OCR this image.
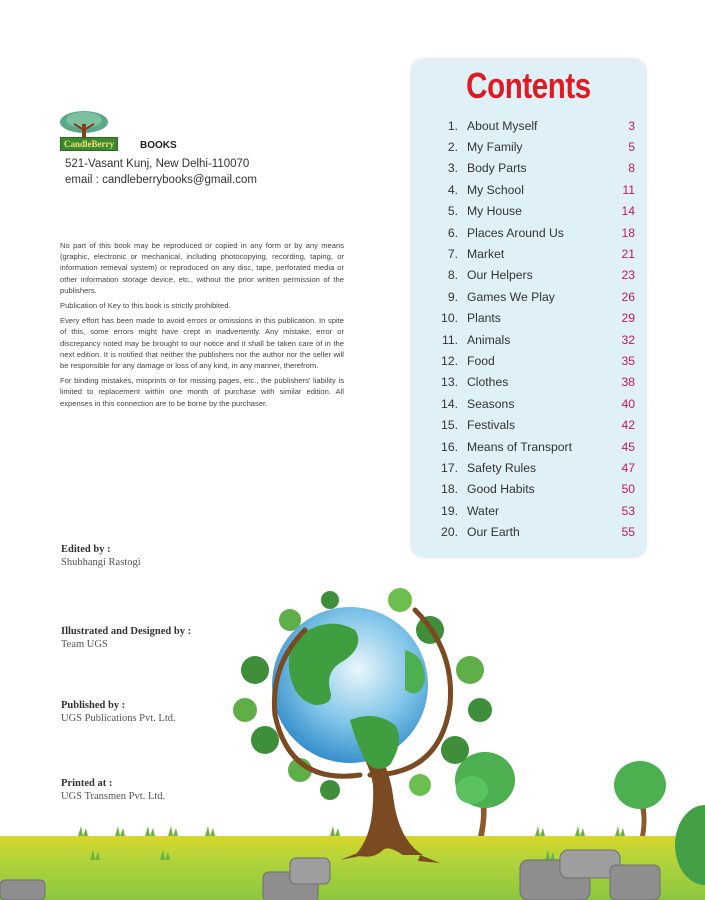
CandleBerry	BOOKS
521-Vasant Kunj, New Delhi-110070
email : candleberrybooks@gmail.com

No part of this book may be reproduced or copied in any form or by any means (graphic, electronic or mechanical, including photocopying, recording, taping, or information retrieval system) or reproduced on any disc, tape, perforated media or other information storage device, etc., without the prior written permission of the publishers.

Publication of Key to this book is strictly prohibited.

Every effort has been made to avoid errors or omissions in this publication. In spite of this, some errors might have crept in inadvertently. Any mistake, error or discrepancy noted may be brought to our notice and it shall be taken care of in the next edition. It is notified that neither the publishers nor the author nor the seller will be responsible for any damage or loss of any kind, in any manner, therefrom.

For binding mistakes, misprints or for missing pages, etc., the publishers' liability is limited to replacement within one month of purchase with similar edition. All expenses in this connection are to be borne by the purchaser.

Edited by :
Shubhangi Rastogi
Illustrated and Designed by :
Team UGS
Published by :
UGS Publications Pvt. Ltd.
Printed at :
UGS Transmen Pvt. Ltd.
Contents
1. About Myself	3
2. My Family	5
3. Body Parts	8
4. My School	11
5. My House	14
6. Places Around Us	18
7. Market	21
8. Our Helpers	23
9. Games We Play	26
10. Plants	29
11. Animals	32
12. Food	35
13. Clothes	38
14. Seasons	40
15. Festivals	42
16. Means of Transport	45
17. Safety Rules	47
18. Good Habits	50
19. Water	53
20. Our Earth	55
